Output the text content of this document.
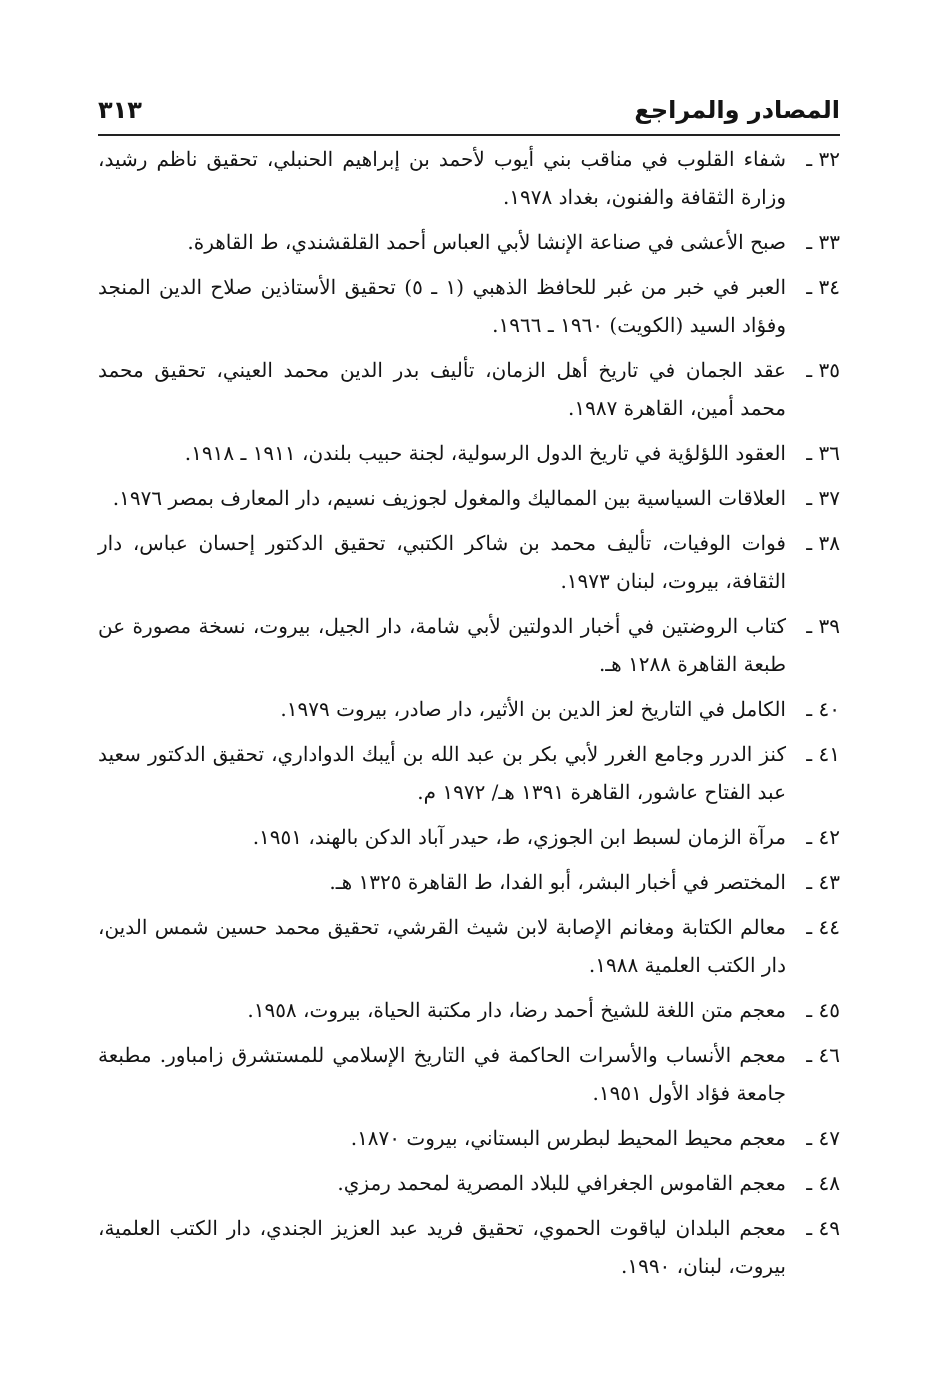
المصادر والمراجع
٣١٣
٣٢ ـ
شفاء القلوب في مناقب بني أيوب لأحمد بن إبراهيم الحنبلي، تحقيق ناظم رشيد، وزارة الثقافة والفنون، بغداد ١٩٧٨.
٣٣ ـ
صبح الأعشى في صناعة الإنشا لأبي العباس أحمد القلقشندي، ط القاهرة.
٣٤ ـ
العبر في خبر من غبر للحافظ الذهبي (١ ـ ٥) تحقيق الأستاذين صلاح الدين المنجد وفؤاد السيد (الكويت) ١٩٦٠ ـ ١٩٦٦.
٣٥ ـ
عقد الجمان في تاريخ أهل الزمان، تأليف بدر الدين محمد العيني، تحقيق محمد محمد أمين، القاهرة ١٩٨٧.
٣٦ ـ
العقود اللؤلؤية في تاريخ الدول الرسولية، لجنة حبيب بلندن، ١٩١١ ـ ١٩١٨.
٣٧ ـ
العلاقات السياسية بين المماليك والمغول لجوزيف نسيم، دار المعارف بمصر ١٩٧٦.
٣٨ ـ
فوات الوفيات، تأليف محمد بن شاكر الكتبي، تحقيق الدكتور إحسان عباس، دار الثقافة، بيروت، لبنان ١٩٧٣.
٣٩ ـ
كتاب الروضتين في أخبار الدولتين لأبي شامة، دار الجيل، بيروت، نسخة مصورة عن طبعة القاهرة ١٢٨٨ هـ.
٤٠ ـ
الكامل في التاريخ لعز الدين بن الأثير، دار صادر، بيروت ١٩٧٩.
٤١ ـ
كنز الدرر وجامع الغرر لأبي بكر بن عبد الله بن أيبك الدواداري، تحقيق الدكتور سعيد عبد الفتاح عاشور، القاهرة ١٣٩١ هـ/ ١٩٧٢ م.
٤٢ ـ
مرآة الزمان لسبط ابن الجوزي، ط، حيدر آباد الدكن بالهند، ١٩٥١.
٤٣ ـ
المختصر في أخبار البشر، أبو الفدا، ط القاهرة ١٣٢٥ هـ.
٤٤ ـ
معالم الكتابة ومغانم الإصابة لابن شيث القرشي، تحقيق محمد حسين شمس الدين، دار الكتب العلمية ١٩٨٨.
٤٥ ـ
معجم متن اللغة للشيخ أحمد رضا، دار مكتبة الحياة، بيروت، ١٩٥٨.
٤٦ ـ
معجم الأنساب والأسرات الحاكمة في التاريخ الإسلامي للمستشرق زامباور. مطبعة جامعة فؤاد الأول ١٩٥١.
٤٧ ـ
معجم محيط المحيط لبطرس البستاني، بيروت ١٨٧٠.
٤٨ ـ
معجم القاموس الجغرافي للبلاد المصرية لمحمد رمزي.
٤٩ ـ
معجم البلدان لياقوت الحموي، تحقيق فريد عبد العزيز الجندي، دار الكتب العلمية، بيروت، لبنان، ١٩٩٠.
